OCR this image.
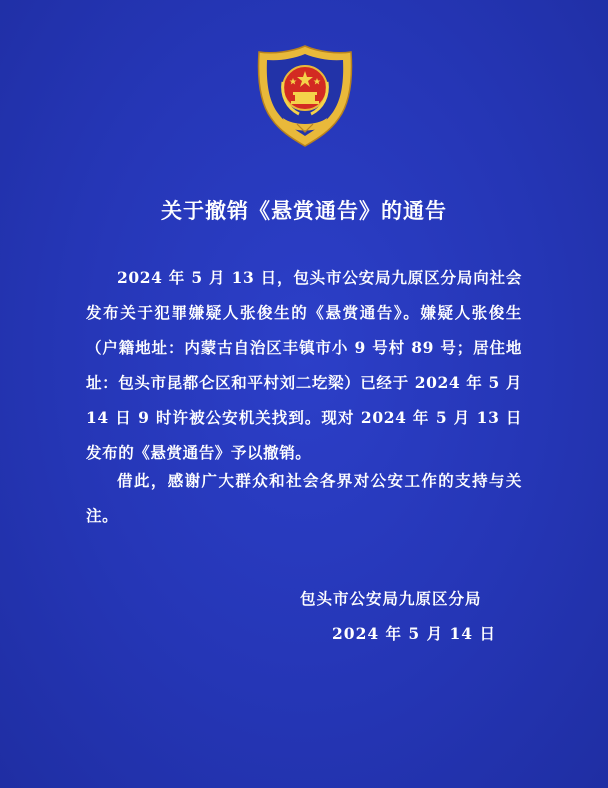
关于撤销《悬赏通告》的通告

2024 年 5 月 13 日，包头市公安局九原区分局向社会发布关于犯罪嫌疑人张俊生的《悬赏通告》。嫌疑人张俊生（户籍地址：内蒙古自治区丰镇市小 9 号村 89 号；居住地址：包头市昆都仑区和平村刘二圪梁）已经于 2024 年 5 月 14 日 9 时许被公安机关找到。现对 2024 年 5 月 13 日发布的《悬赏通告》予以撤销。

借此，感谢广大群众和社会各界对公安工作的支持与关注。

包头市公安局九原区分局
2024 年 5 月 14 日
